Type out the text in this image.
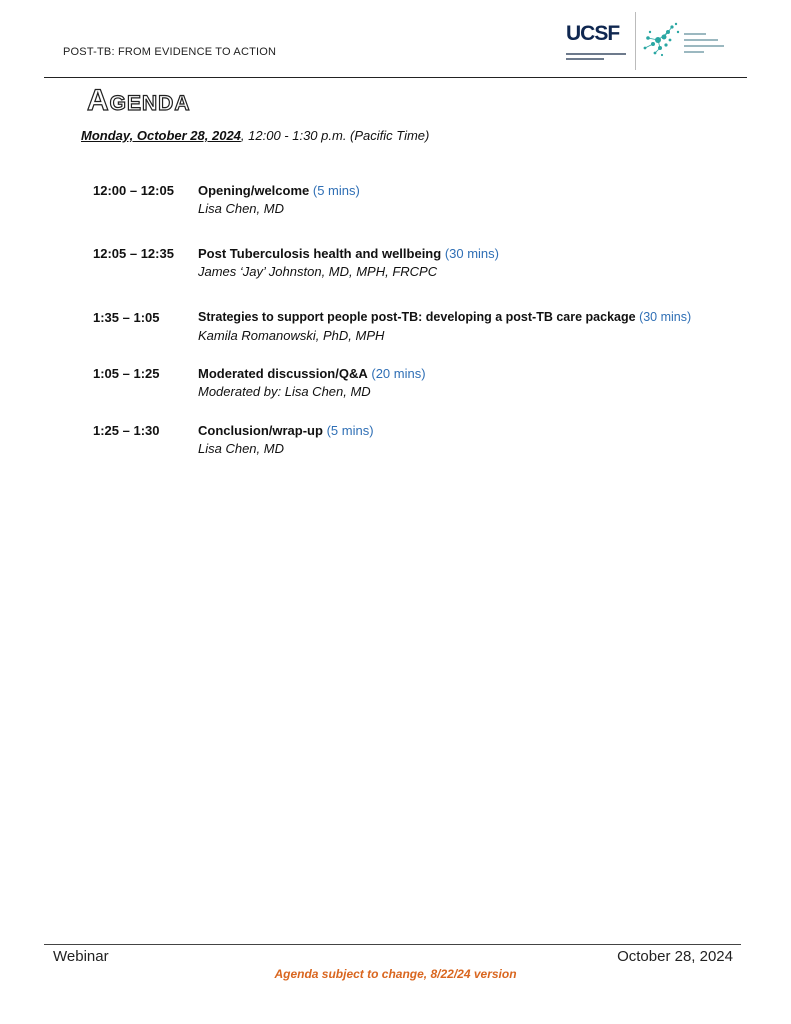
POST-TB: FROM EVIDENCE TO ACTION
UCSF
Agenda
Monday, October 28, 2024, 12:00 - 1:30 p.m. (Pacific Time)
12:00 – 12:05 Opening/welcome (5 mins)
Lisa Chen, MD
12:05 – 12:35 Post Tuberculosis health and wellbeing (30 mins)
James ‘Jay’ Johnston, MD, MPH, FRCPC
1:35 – 1:05	Strategies to support people post-TB: developing a post-TB care package (30 mins)
Kamila Romanowski, PhD, MPH
1:05 – 1:25	Moderated discussion/Q&A (20 mins)
Moderated by: Lisa Chen, MD
1:25 – 1:30	Conclusion/wrap-up (5 mins)
Lisa Chen, MD
Webinar	October 28, 2024
Agenda subject to change, 8/22/24 version
